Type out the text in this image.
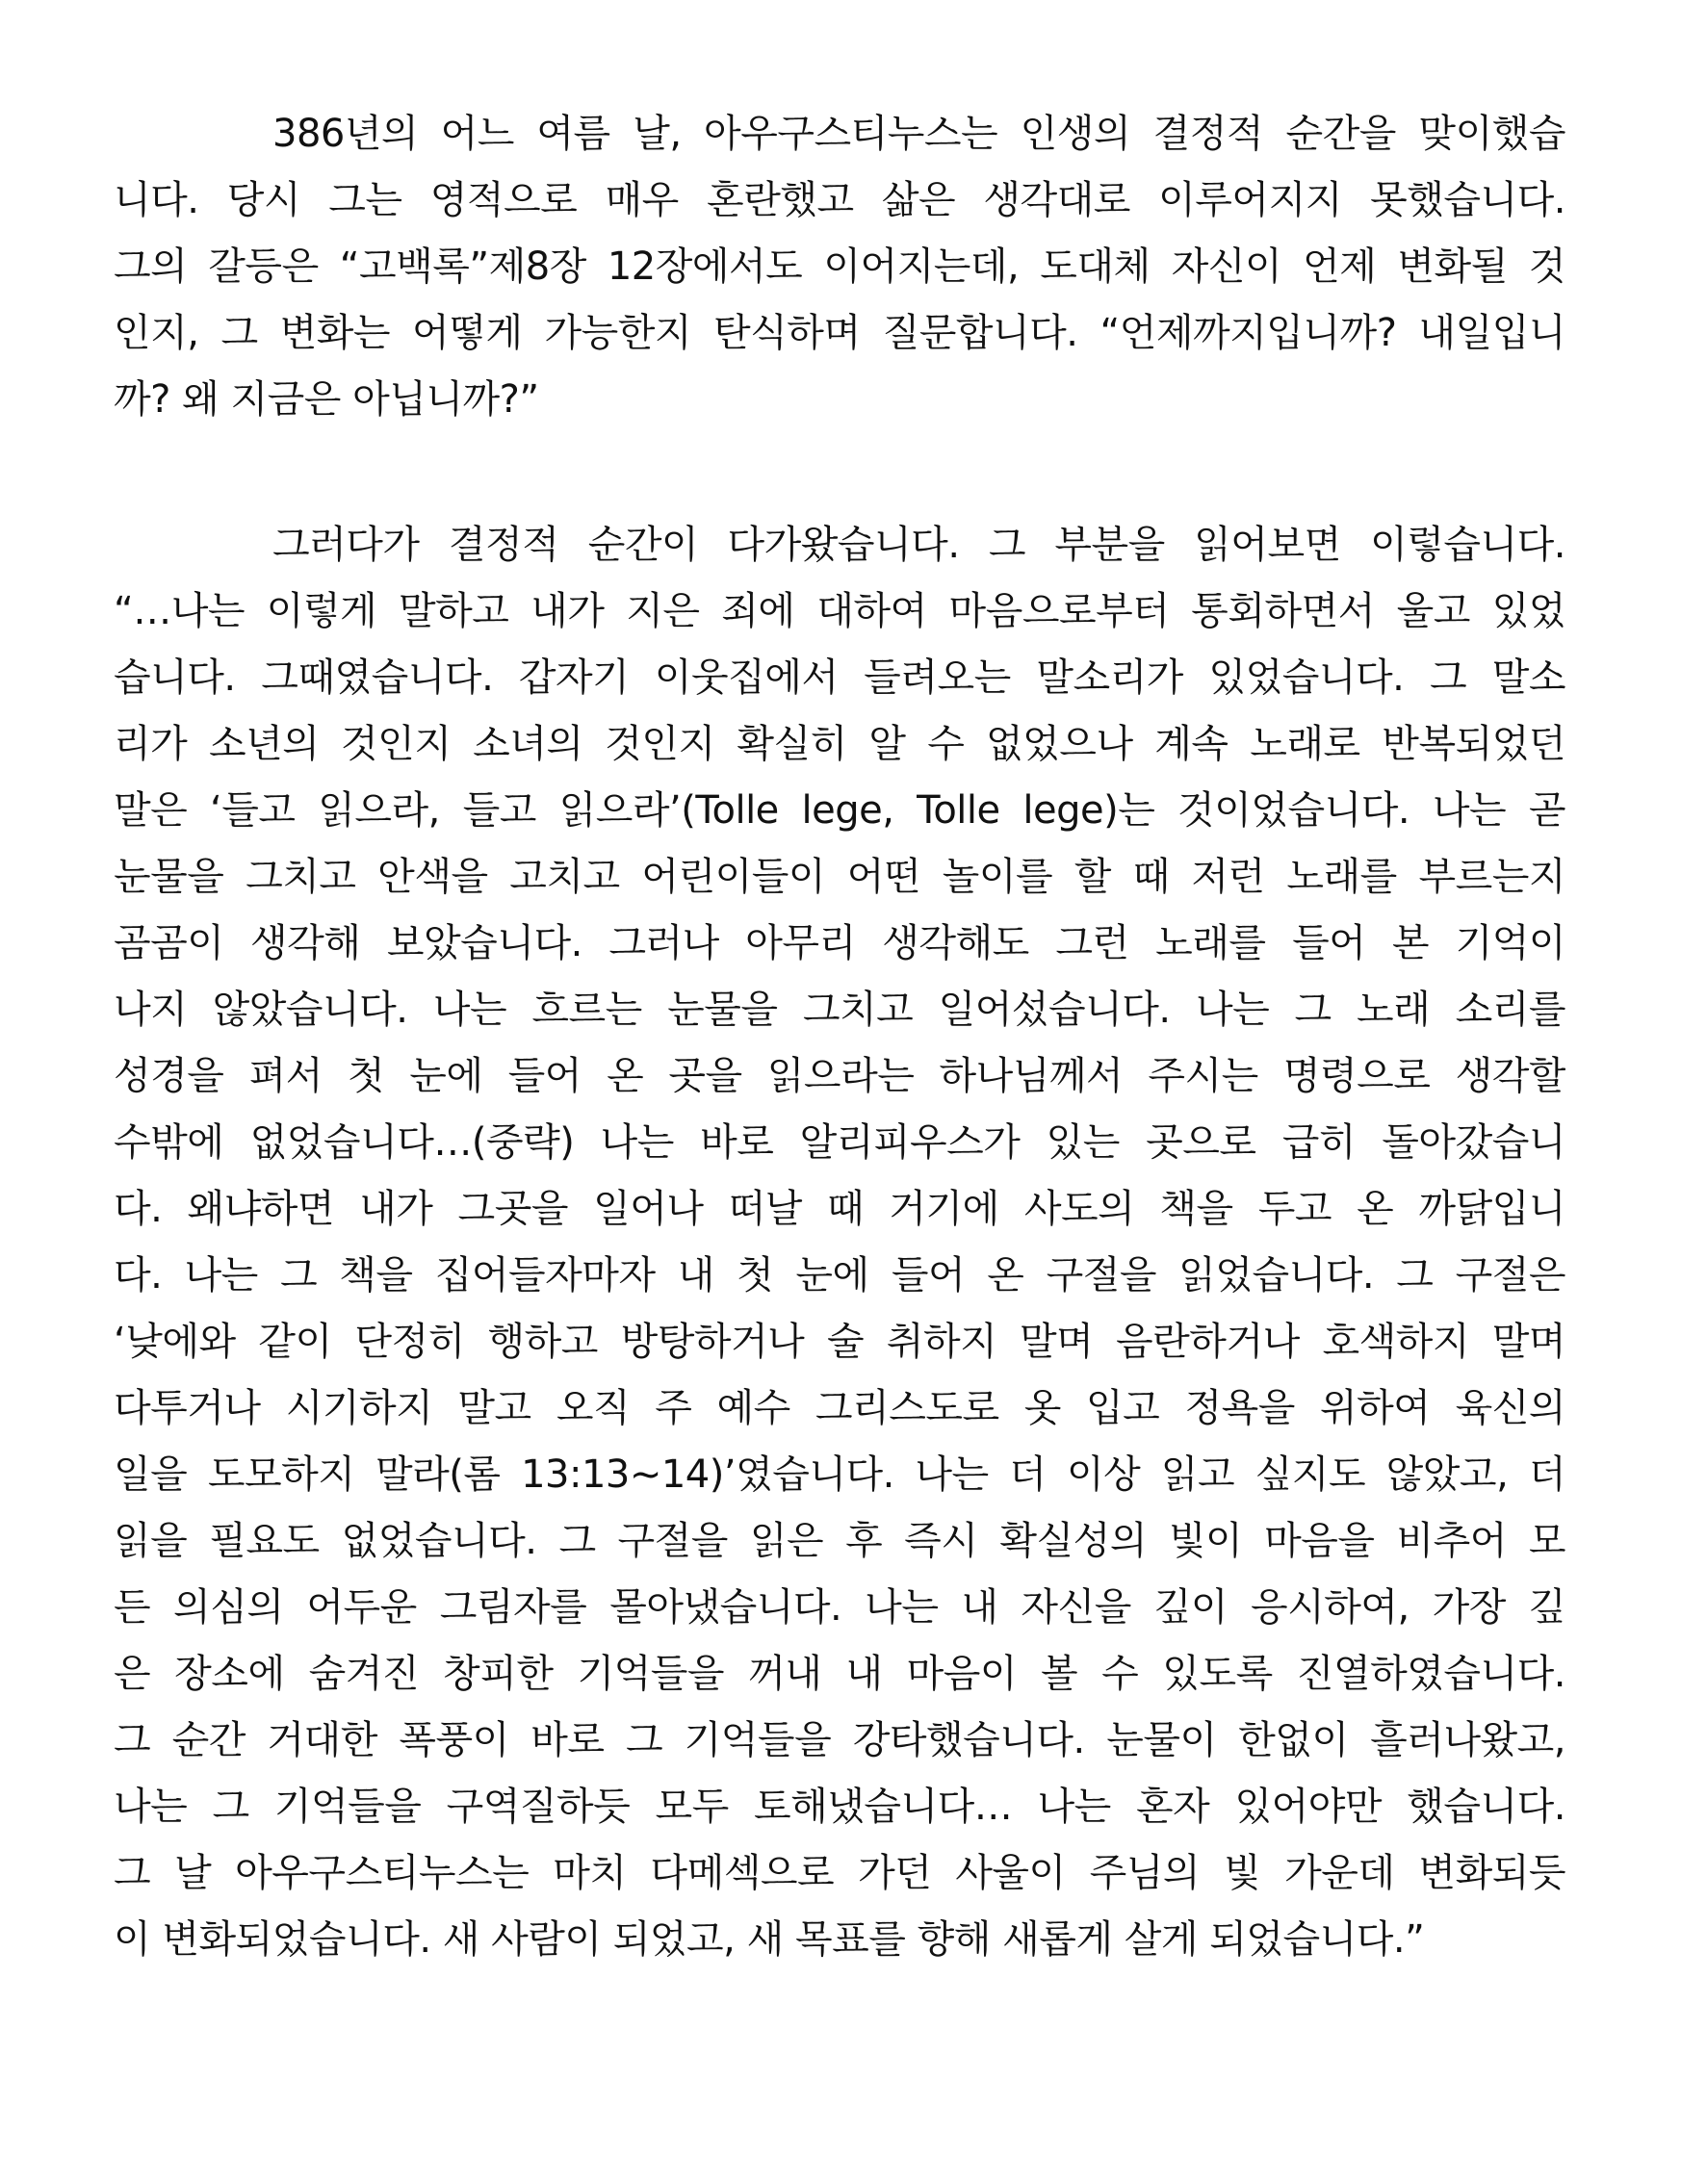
386년의 어느 여름 날, 아우구스티누스는 인생의 결정적 순간을 맞이했습
니다. 당시 그는 영적으로 매우 혼란했고 삶은 생각대로 이루어지지 못했습니다.
그의 갈등은 “고백록”제8장 12장에서도 이어지는데, 도대체 자신이 언제 변화될 것
인지, 그 변화는 어떻게 가능한지 탄식하며 질문합니다. “언제까지입니까? 내일입니
까? 왜 지금은 아닙니까?”
그러다가 결정적 순간이 다가왔습니다. 그 부분을 읽어보면 이렇습니다.
“…나는 이렇게 말하고 내가 지은 죄에 대하여 마음으로부터 통회하면서 울고 있었
습니다. 그때였습니다. 갑자기 이웃집에서 들려오는 말소리가 있었습니다. 그 말소
리가 소년의 것인지 소녀의 것인지 확실히 알 수 없었으나 계속 노래로 반복되었던
말은 ‘들고 읽으라, 들고 읽으라’(Tolle lege, Tolle lege)는 것이었습니다. 나는 곧
눈물을 그치고 안색을 고치고 어린이들이 어떤 놀이를 할 때 저런 노래를 부르는지
곰곰이 생각해 보았습니다. 그러나 아무리 생각해도 그런 노래를 들어 본 기억이
나지 않았습니다. 나는 흐르는 눈물을 그치고 일어섰습니다. 나는 그 노래 소리를
성경을 펴서 첫 눈에 들어 온 곳을 읽으라는 하나님께서 주시는 명령으로 생각할
수밖에 없었습니다…(중략) 나는 바로 알리피우스가 있는 곳으로 급히 돌아갔습니
다. 왜냐하면 내가 그곳을 일어나 떠날 때 거기에 사도의 책을 두고 온 까닭입니
다. 나는 그 책을 집어들자마자 내 첫 눈에 들어 온 구절을 읽었습니다. 그 구절은
‘낮에와 같이 단정히 행하고 방탕하거나 술 취하지 말며 음란하거나 호색하지 말며
다투거나 시기하지 말고 오직 주 예수 그리스도로 옷 입고 정욕을 위하여 육신의
일을 도모하지 말라(롬 13:13~14)’였습니다. 나는 더 이상 읽고 싶지도 않았고, 더
읽을 필요도 없었습니다. 그 구절을 읽은 후 즉시 확실성의 빛이 마음을 비추어 모
든 의심의 어두운 그림자를 몰아냈습니다. 나는 내 자신을 깊이 응시하여, 가장 깊
은 장소에 숨겨진 창피한 기억들을 꺼내 내 마음이 볼 수 있도록 진열하였습니다.
그 순간 거대한 폭풍이 바로 그 기억들을 강타했습니다. 눈물이 한없이 흘러나왔고,
나는 그 기억들을 구역질하듯 모두 토해냈습니다… 나는 혼자 있어야만 했습니다.
그 날 아우구스티누스는 마치 다메섹으로 가던 사울이 주님의 빛 가운데 변화되듯
이 변화되었습니다. 새 사람이 되었고, 새 목표를 향해 새롭게 살게 되었습니다.”
